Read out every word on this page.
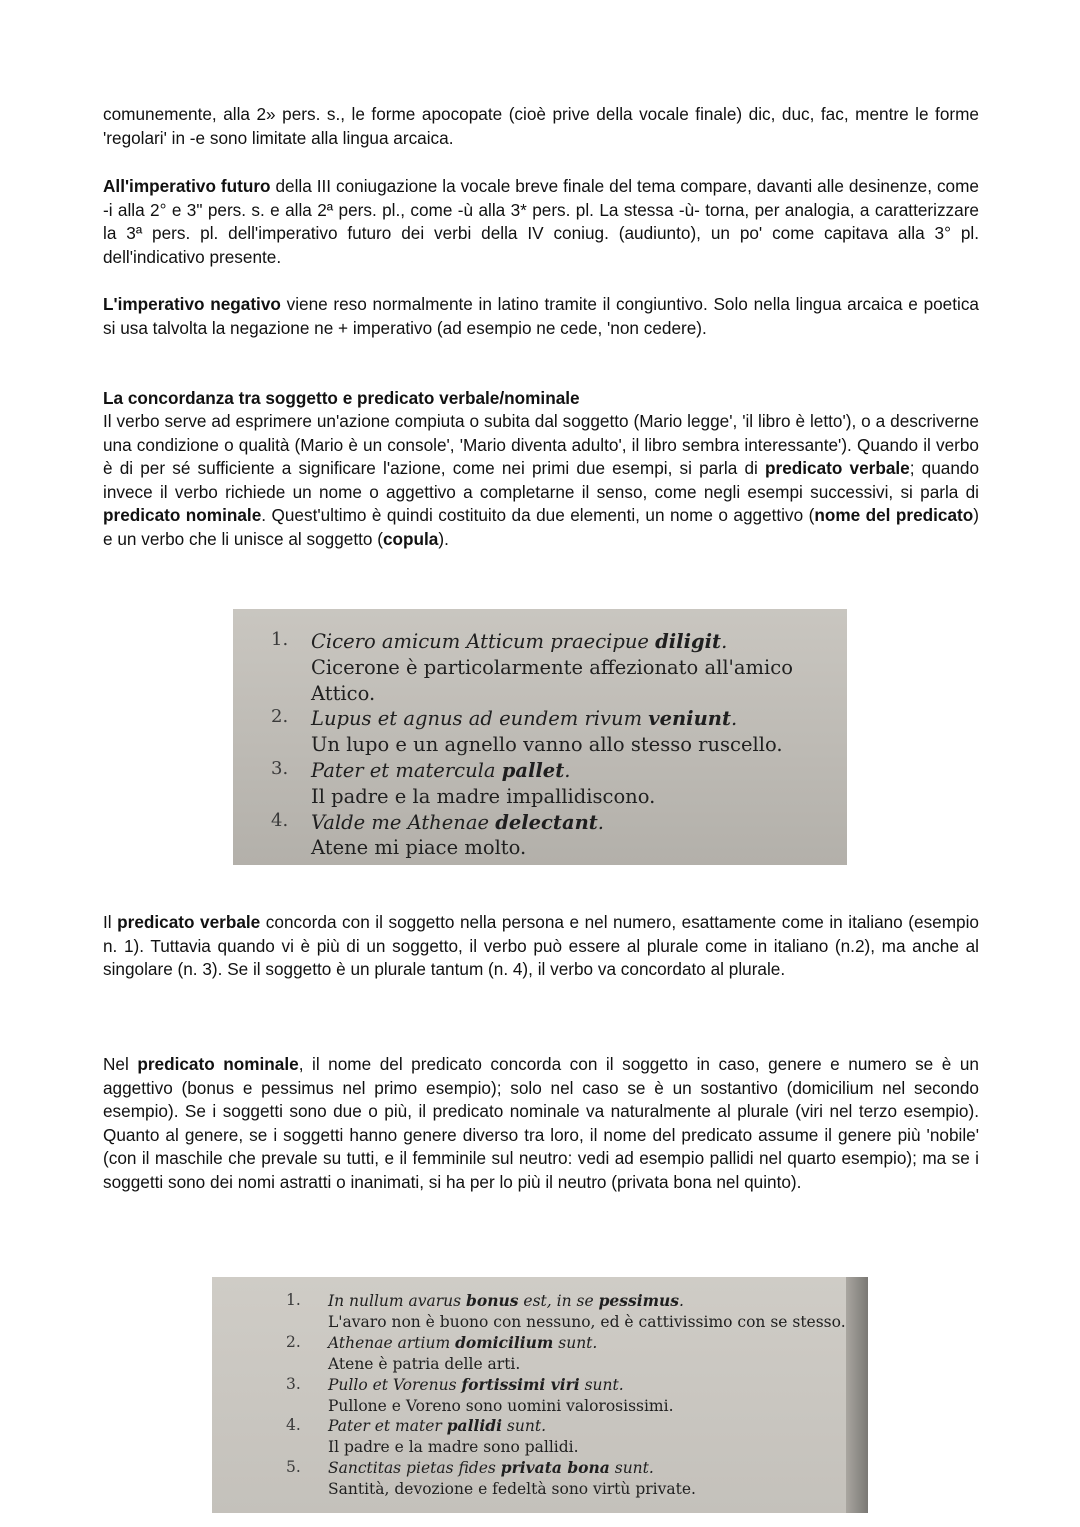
comunemente, alla 2» pers. s., le forme apocopate (cioè prive della vocale finale) dic, duc, fac, mentre le forme 'regolari' in -e sono limitate alla lingua arcaica.

All'imperativo futuro della III coniugazione la vocale breve finale del tema compare, davanti alle desinenze, come -i alla 2° e 3" pers. s. e alla 2ª pers. pl., come -ù alla 3* pers. pl. La stessa -ù- torna, per analogia, a caratterizzare la 3ª pers. pl. dell'imperativo futuro dei verbi della IV coniug. (audiunto), un po' come capitava alla 3° pl. dell'indicativo presente.

L'imperativo negativo viene reso normalmente in latino tramite il congiuntivo. Solo nella lingua arcaica e poetica si usa talvolta la negazione ne + imperativo (ad esempio ne cede, 'non cedere).

La concordanza tra soggetto e predicato verbale/nominale

Il verbo serve ad esprimere un'azione compiuta o subita dal soggetto (Mario legge', 'il libro è letto'), o a descriverne una condizione o qualità (Mario è un console', 'Mario diventa adulto', il libro sembra interessante'). Quando il verbo è di per sé sufficiente a significare l'azione, come nei primi due esempi, si parla di predicato verbale; quando invece il verbo richiede un nome o aggettivo a completarne il senso, come negli esempi successivi, si parla di predicato nominale. Quest'ultimo è quindi costituito da due elementi, un nome o aggettivo (nome del predicato) e un verbo che li unisce al soggetto (copula).

Il predicato verbale concorda con il soggetto nella persona e nel numero, esattamente come in italiano (esempio n. 1). Tuttavia quando vi è più di un soggetto, il verbo può essere al plurale come in italiano (n.2), ma anche al singolare (n. 3). Se il soggetto è un plurale tantum (n. 4), il verbo va concordato al plurale.

Nel predicato nominale, il nome del predicato concorda con il soggetto in caso, genere e numero se è un aggettivo (bonus e pessimus nel primo esempio); solo nel caso se è un sostantivo (domicilium nel secondo esempio). Se i soggetti sono due o più, il predicato nominale va naturalmente al plurale (viri nel terzo esempio). Quanto al genere, se i soggetti hanno genere diverso tra loro, il nome del predicato assume il genere più 'nobile' (con il maschile che prevale su tutti, e il femminile sul neutro: vedi ad esempio pallidi nel quarto esempio); ma se i soggetti sono dei nomi astratti o inanimati, si ha per lo più il neutro (privata bona nel quinto).

1. Cicero amicum Atticum praecipue diligit.
Cicerone è particolarmente affezionato all'amico Attico.
2. Lupus et agnus ad eundem rivum veniunt.
Un lupo e un agnello vanno allo stesso ruscello.
3. Pater et matercula pallet.
Il padre e la madre impallidiscono.
4. Valde me Athenae delectant.
Atene mi piace molto.
1. In nullum avarus bonus est, in se pessimus.
L'avaro non è buono con nessuno, ed è cattivissimo con se stesso.
2. Athenae artium domicilium sunt.
Atene è patria delle arti.
3. Pullo et Vorenus fortissimi viri sunt.
Pullone e Voreno sono uomini valorosissimi.
4. Pater et mater pallidi sunt.
Il padre e la madre sono pallidi.
5. Sanctitas pietas fides privata bona sunt.
Santità, devozione e fedeltà sono virtù private.
